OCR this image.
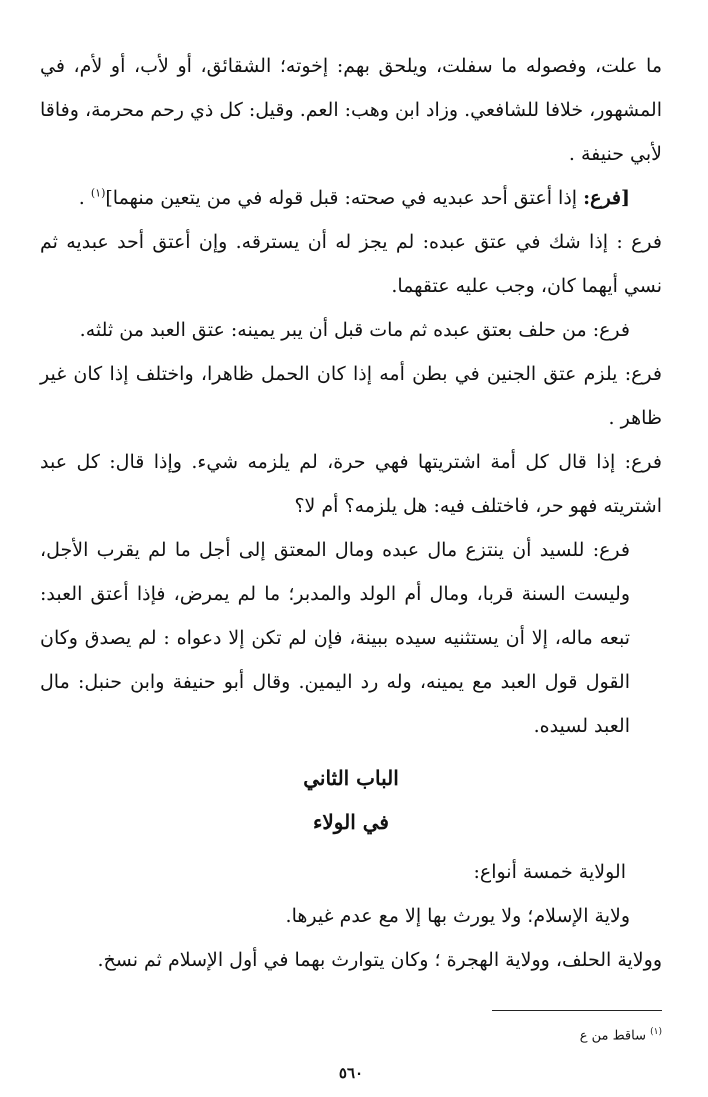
ما علت، وفصوله ما سفلت، ويلحق بهم: إخوته؛ الشقائق، أو لأب، أو لأم، في المشهور، خلافا للشافعي. وزاد ابن وهب: العم. وقيل: كل ذي رحم محرمة، وفاقا لأبي حنيفة .

[فرع: إذا أعتق أحد عبديه في صحته: قبل قوله في من يتعين منهما]$^{(١)}$ .

فرع : إذا شك في عتق عبده: لم يجز له أن يسترقه. وإن أعتق أحد عبديه ثم نسي أيهما كان، وجب عليه عتقهما.

فرع: من حلف بعتق عبده ثم مات قبل أن يبر يمينه: عتق العبد من ثلثه.

فرع: يلزم عتق الجنين في بطن أمه إذا كان الحمل ظاهرا، واختلف إذا كان غير ظاهر .

فرع: إذا قال كل أمة اشتريتها فهي حرة، لم يلزمه شيء. وإذا قال: كل عبد اشتريته فهو حر، فاختلف فيه: هل يلزمه؟ أم لا؟

فرع: للسيد أن ينتزع مال عبده ومال المعتق إلى أجل ما لم يقرب الأجل، وليست السنة قربا، ومال أم الولد والمدبر؛ ما لم يمرض، فإذا أعتق العبد: تبعه ماله، إلا أن يستثنيه سيده ببينة، فإن لم تكن إلا دعواه : لم يصدق وكان القول قول العبد مع يمينه، وله رد اليمين. وقال أبو حنيفة وابن حنبل: مال العبد لسيده.

الباب الثاني
في الولاء

الولاية خمسة أنواع:

ولاية الإسلام؛ ولا يورث بها إلا مع عدم غيرها.

وولاية الحلف، وولاية الهجرة ؛ وكان يتوارث بهما في أول الإسلام ثم نسخ.

$^{(١)}$ ساقط من ع
٥٦٠
